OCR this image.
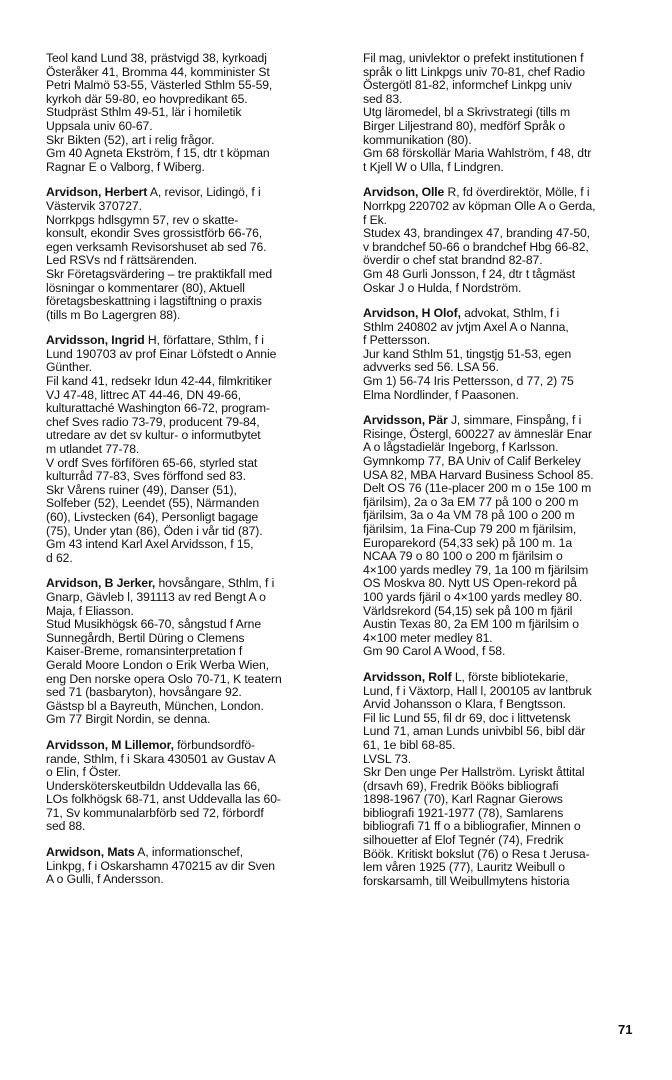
Teol kand Lund 38, prästvigd 38, kyrkoadj
Österåker 41, Bromma 44, komminister St
Petri Malmö 53-55, Västerled Sthlm 55-59,
kyrkoh där 59-80, eo hovpredikant 65.
Studpräst Sthlm 49-51, lär i homiletik
Uppsala univ 60-67.
Skr Bikten (52), art i relig frågor.
Gm 40 Agneta Ekström, f 15, dtr t köpman
Ragnar E o Valborg, f Wiberg.

Arvidson, Herbert A, revisor, Lidingö, f i
Västervik 370727.
Norrkpgs hdlsgymn 57, rev o skatte-
konsult, ekondir Sves grossistförb 66-76,
egen verksamh Revisorshuset ab sed 76.
Led RSVs nd f rättsärenden.
Skr Företagsvärdering – tre praktikfall med
lösningar o kommentarer (80), Aktuell
företagsbeskattning i lagstiftning o praxis
(tills m Bo Lagergren 88).

Arvidsson, Ingrid H, författare, Sthlm, f i
Lund 190703 av prof Einar Löfstedt o Annie
Günther.
Fil kand 41, redsekr Idun 42-44, filmkritiker
VJ 47-48, littrec AT 44-46, DN 49-66,
kulturattaché Washington 66-72, program-
chef Sves radio 73-79, producent 79-84,
utredare av det sv kultur- o informutbytet
m utlandet 77-78.
V ordf Sves förfífören 65-66, styrled stat
kulturråd 77-83, Sves förffond sed 83.
Skr Vårens ruiner (49), Danser (51),
Solfeber (52), Leendet (55), Närmanden
(60), Livstecken (64), Personligt bagage
(75), Under ytan (86), Öden i vår tid (87).
Gm 43 intend Karl Axel Arvidsson, f 15,
d 62.

Arvidson, B Jerker, hovsångare, Sthlm, f i
Gnarp, Gävleb l, 391113 av red Bengt A o
Maja, f Eliasson.
Stud Musikhögsk 66-70, sångstud f Arne
Sunnegårdh, Bertil Düring o Clemens
Kaiser-Breme, romansinterpretation f
Gerald Moore London o Erik Werba Wien,
eng Den norske opera Oslo 70-71, K teatern
sed 71 (basbaryton), hovsångare 92.
Gästsp bl a Bayreuth, München, London.
Gm 77 Birgit Nordin, se denna.

Arvidsson, M Lillemor, förbundsordfö-
rande, Sthlm, f i Skara 430501 av Gustav A
o Elin, f Öster.
Undersköterskeutbildn Uddevalla las 66,
LOs folkhögsk 68-71, anst Uddevalla las 60-
71, Sv kommunalarbförb sed 72, förbordf
sed 88.

Arwidson, Mats A, informationschef,
Linkpg, f i Oskarshamn 470215 av dir Sven
A o Gulli, f Andersson.

Fil mag, univlektor o prefekt institutionen f
språk o litt Linkpgs univ 70-81, chef Radio
Östergötl 81-82, informchef Linkpg univ
sed 83.
Utg läromedel, bl a Skrivstrategi (tills m
Birger Liljestrand 80), medförf Språk o
kommunikation (80).
Gm 68 förskollär Maria Wahlström, f 48, dtr
t Kjell W o Ulla, f Lindgren.

Arvidson, Olle R, fd överdirektör, Mölle, f i
Norrkpg 220702 av köpman Olle A o Gerda,
f Ek.
Studex 43, brandingex 47, branding 47-50,
v brandchef 50-66 o brandchef Hbg 66-82,
överdir o chef stat brandnd 82-87.
Gm 48 Gurli Jonsson, f 24, dtr t tågmäst
Oskar J o Hulda, f Nordström.

Arvidson, H Olof, advokat, Sthlm, f i
Sthlm 240802 av jvtjm Axel A o Nanna,
f Pettersson.
Jur kand Sthlm 51, tingstjg 51-53, egen
advverks sed 56. LSA 56.
Gm 1) 56-74 Iris Pettersson, d 77, 2) 75
Elma Nordlinder, f Paasonen.

Arvidsson, Pär J, simmare, Finspång, f i
Risinge, Östergl, 600227 av ämneslär Enar
A o lågstadielär Ingeborg, f Karlsson.
Gymnkomp 77, BA Univ of Calif Berkeley
USA 82, MBA Harvard Business School 85.
Delt OS 76 (11e-placer 200 m o 15e 100 m
fjärilsim), 2a o 3a EM 77 på 100 o 200 m
fjärilsim, 3a o 4a VM 78 på 100 o 200 m
fjärilsim, 1a Fina-Cup 79 200 m fjärilsim,
Europarekord (54,33 sek) på 100 m. 1a
NCAA 79 o 80 100 o 200 m fjärilsim o
4×100 yards medley 79, 1a 100 m fjärilsim
OS Moskva 80. Nytt US Open-rekord på
100 yards fjäril o 4×100 yards medley 80.
Världsrekord (54,15) sek på 100 m fjäril
Austin Texas 80, 2a EM 100 m fjärilsim o
4×100 meter medley 81.
Gm 90 Carol A Wood, f 58.

Arvidsson, Rolf L, förste bibliotekarie,
Lund, f i Växtorp, Hall l, 200105 av lantbruk
Arvid Johansson o Klara, f Bengtsson.
Fil lic Lund 55, fil dr 69, doc i littvetensk
Lund 71, aman Lunds univbibl 56, bibl där
61, 1e bibl 68-85.
LVSL 73.
Skr Den unge Per Hallström. Lyriskt åttital
(drsavh 69), Fredrik Bööks bibliografi
1898-1967 (70), Karl Ragnar Gierows
bibliografi 1921-1977 (78), Samlarens
bibliografi 71 ff o a bibliografier, Minnen o
silhouetter af Elof Tegnér (74), Fredrik
Böök. Kritiskt bokslut (76) o Resa t Jerusa-
lem våren 1925 (77), Lauritz Weibull o
forskarsamh, till Weibullmytens historia

71
